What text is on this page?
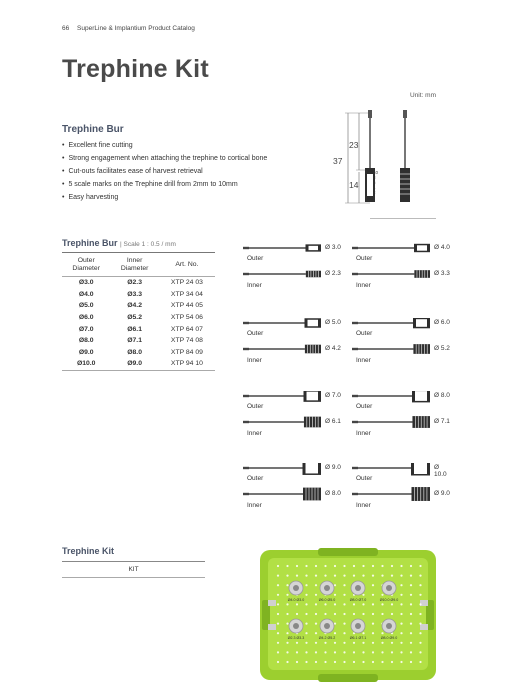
66 SuperLine & Implantium Product Catalog
Trephine Kit
Unit: mm
Trephine Bur
• Excellent fine cutting
• Strong engagement when attaching the trephine to cortical bone
• Cut-outs facilitates ease of harvest retrieval
• 5 scale marks on the Trephine drill from 2mm to 10mm
• Easy harvesting
23
37
14
10
8
6
4
2
Trephine Bur | Scale 1 : 0.5 / mm
Outer
Diameter	Inner
Diameter	Art. No.
Ø3.0	Ø2.3	XTP 24 03
Ø4.0	Ø3.3	XTP 34 04
Ø5.0	Ø4.2	XTP 44 05
Ø6.0	Ø5.2	XTP 54 06
Ø7.0	Ø6.1	XTP 64 07
Ø8.0	Ø7.1	XTP 74 08
Ø9.0	Ø8.0	XTP 84 09
Ø10.0	Ø9.0	XTP 94 10
Ø 3.0
Outer
Ø 2.3
Inner
Ø 4.0
Outer
Ø 3.3
Inner
Ø 5.0
Outer
Ø 4.2
Inner
Ø 6.0
Outer
Ø 5.2
Inner
Ø 7.0
Outer
Ø 6.1
Inner
Ø 8.0
Outer
Ø 7.1
Inner
Ø 9.0
Outer
Ø 8.0
Inner
Ø 10.0
Outer
Ø 9.0
Inner
Trephine Kit
KIT
Ø4.0 Ø3.0	Ø6.0 Ø5.0	Ø8.0 Ø7.0	Ø10.0 Ø9.0
Ø2.3 Ø3.3	Ø4.2 Ø5.2	Ø6.1 Ø7.1	Ø8.0 Ø9.0
